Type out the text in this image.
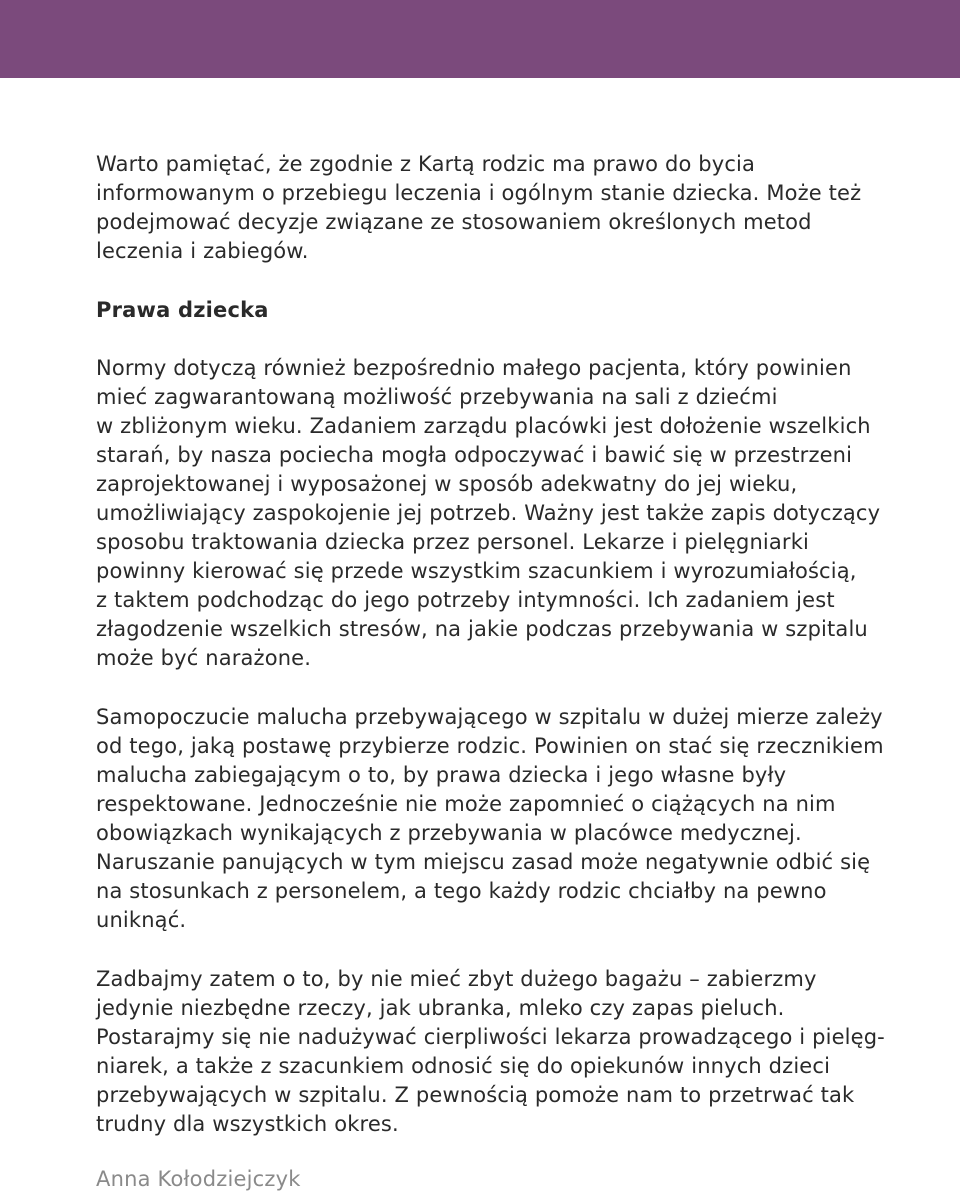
Warto pamiętać, że zgodnie z Kartą rodzic ma prawo do bycia
informowanym o przebiegu leczenia i ogólnym stanie dziecka. Może też
podejmować decyzje związane ze stosowaniem określonych metod
leczenia i zabiegów.

Prawa dziecka

Normy dotyczą również bezpośrednio małego pacjenta, który powinien
mieć zagwarantowaną możliwość przebywania na sali z dziećmi
w zbliżonym wieku. Zadaniem zarządu placówki jest dołożenie wszelkich
starań, by nasza pociecha mogła odpoczywać i bawić się w przestrzeni
zaprojektowanej i wyposażonej w sposób adekwatny do jej wieku,
umożliwiający zaspokojenie jej potrzeb. Ważny jest także zapis dotyczący
sposobu traktowania dziecka przez personel. Lekarze i pielęgniarki
powinny kierować się przede wszystkim szacunkiem i wyrozumiałością,
z taktem podchodząc do jego potrzeby intymności. Ich zadaniem jest
złagodzenie wszelkich stresów, na jakie podczas przebywania w szpitalu
może być narażone.

Samopoczucie malucha przebywającego w szpitalu w dużej mierze zależy
od tego, jaką postawę przybierze rodzic. Powinien on stać się rzecznikiem
malucha zabiegającym o to, by prawa dziecka i jego własne były
respektowane. Jednocześnie nie może zapomnieć o ciążących na nim
obowiązkach wynikających z przebywania w placówce medycznej.
Naruszanie panujących w tym miejscu zasad może negatywnie odbić się
na stosunkach z personelem, a tego każdy rodzic chciałby na pewno
uniknąć.

Zadbajmy zatem o to, by nie mieć zbyt dużego bagażu – zabierzmy
jedynie niezbędne rzeczy, jak ubranka, mleko czy zapas pieluch.
Postarajmy się nie nadużywać cierpliwości lekarza prowadzącego i pielęg-
niarek, a także z szacunkiem odnosić się do opiekunów innych dzieci
przebywających w szpitalu. Z pewnością pomoże nam to przetrwać tak
trudny dla wszystkich okres.

Anna Kołodziejczyk
